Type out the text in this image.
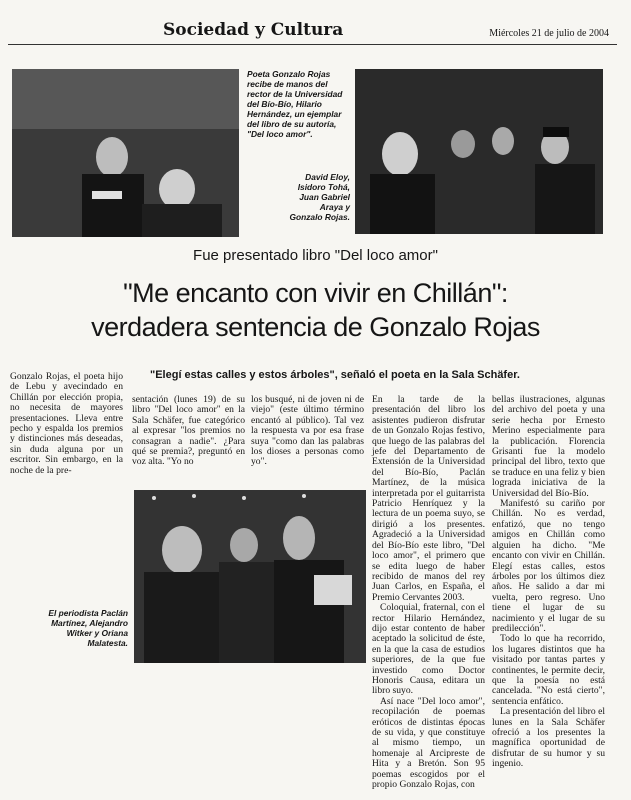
Sociedad y Cultura	Miércoles 21 de julio de 2004
Poeta Gonzalo Rojas recibe de manos del rector de la Universidad del Bío-Bío, Hilario Hernández, un ejemplar del libro de su autoría, "Del loco amor".
David Eloy, Isidoro Tohá, Juan Gabriel Araya y Gonzalo Rojas.
Fue presentado libro "Del loco amor"
"Me encanto con vivir en Chillán":
verdadera sentencia de Gonzalo Rojas
"Elegí estas calles y estos árboles", señaló el poeta en la Sala Schäfer.

Gonzalo Rojas, el poeta hijo de Lebu y avecindado en Chillán por elección propia, no necesita de mayores presentaciones. Lleva entre pecho y espalda los premios y distinciones más deseadas, sin duda alguna por un escritor. Sin embargo, en la noche de la pre-

sentación (lunes 19) de su libro "Del loco amor" en la Sala Schäfer, fue categórico al expresar "los premios no consagran a nadie". ¿Para qué se premia?, preguntó en voz alta. "Yo no

los busqué, ni de joven ni de viejo" (este último término encantó al público). Tal vez la respuesta va por esa frase suya "como dan las palabras los dioses a personas como yo".

El periodista Paclán Martínez, Alejandro Witker y Oriana Malatesta.

En la tarde de la presentación del libro los asistentes pudieron disfrutar de un Gonzalo Rojas festivo, que luego de las palabras del jefe del Departamento de Extensión de la Universidad del Bío-Bío, Paclán Martínez, de la música interpretada por el guitarrista Patricio Henríquez y la lectura de un poema suyo, se dirigió a los presentes. Agradeció a la Universidad del Bío-Bío este libro, "Del loco amor", el primero que se edita luego de haber recibido de manos del rey Juan Carlos, en España, el Premio Cervantes 2003.

Coloquial, fraternal, con el rector Hilario Hernández, dijo estar contento de haber aceptado la solicitud de éste, en la que la casa de estudios superiores, de la que fue investido como Doctor Honoris Causa, editara un libro suyo.

Así nace "Del loco amor", recopilación de poemas eróticos de distintas épocas de su vida, y que constituye al mismo tiempo, un homenaje al Arcipreste de Hita y a Bretón. Son 95 poemas escogidos por el propio Gonzalo Rojas, con

bellas ilustraciones, algunas del archivo del poeta y una serie hecha por Ernesto Merino especialmente para la publicación. Florencia Grisanti fue la modelo principal del libro, texto que se traduce en una feliz y bien lograda iniciativa de la Universidad del Bío-Bío.

Manifestó su cariño por Chillán. No es verdad, enfatizó, que no tengo amigos en Chillán como alguien ha dicho. "Me encanto con vivir en Chillán. Elegí estas calles, estos árboles por los últimos diez años. He salido a dar mi vuelta, pero regreso. Uno tiene el lugar de su nacimiento y el lugar de su predilección".

Todo lo que ha recorrido, los lugares distintos que ha visitado por tantas partes y continentes, le permite decir, que la poesía no está cancelada. "No está cierto", sentencia enfático.

La presentación del libro el lunes en la Sala Schäfer ofreció a los presentes la magnífica oportunidad de disfrutar de su humor y su ingenio.
